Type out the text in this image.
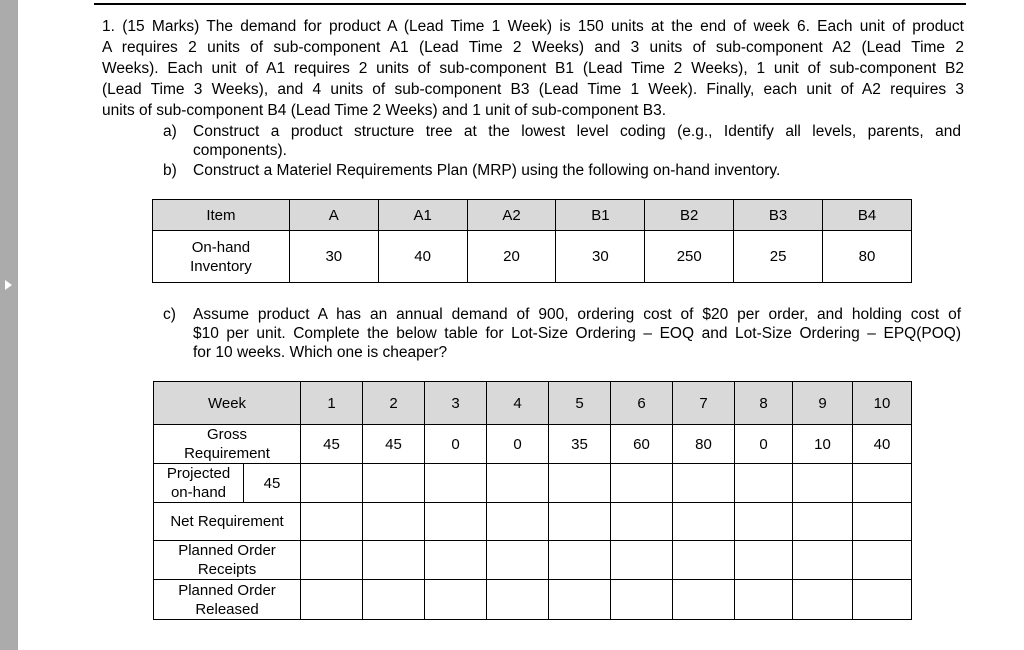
1. (15 Marks) The demand for product A (Lead Time 1 Week) is 150 units at the end of week 6. Each unit of product
A requires 2 units of sub-component A1 (Lead Time 2 Weeks) and 3 units of sub-component A2 (Lead Time 2
Weeks). Each unit of A1 requires 2 units of sub-component B1 (Lead Time 2 Weeks), 1 unit of sub-component B2
(Lead Time 3 Weeks), and 4 units of sub-component B3 (Lead Time 1 Week). Finally, each unit of A2 requires 3
units of sub-component B4 (Lead Time 2 Weeks) and 1 unit of sub-component B3.
a) Construct a product structure tree at the lowest level coding (e.g., Identify all levels, parents, and
components).
b) Construct a Materiel Requirements Plan (MRP) using the following on-hand inventory.
Item	A	A1	A2	B1	B2	B3	B4

On-hand
Inventory	30	40	20	30	250	25	80
c) Assume product A has an annual demand of 900, ordering cost of $20 per order, and holding cost of
$10 per unit. Complete the below table for Lot-Size Ordering – EOQ and Lot-Size Ordering – EPQ(POQ)
for 10 weeks. Which one is cheaper?
Week		1	2	3	4	5	6	7	8	9	10

Gross
Requirement		45	45	0	0	35	60	80	0	10	40

Projected
on-hand	45										
Net Requirement											

Planned Order
Receipts											

Planned Order
Released											
